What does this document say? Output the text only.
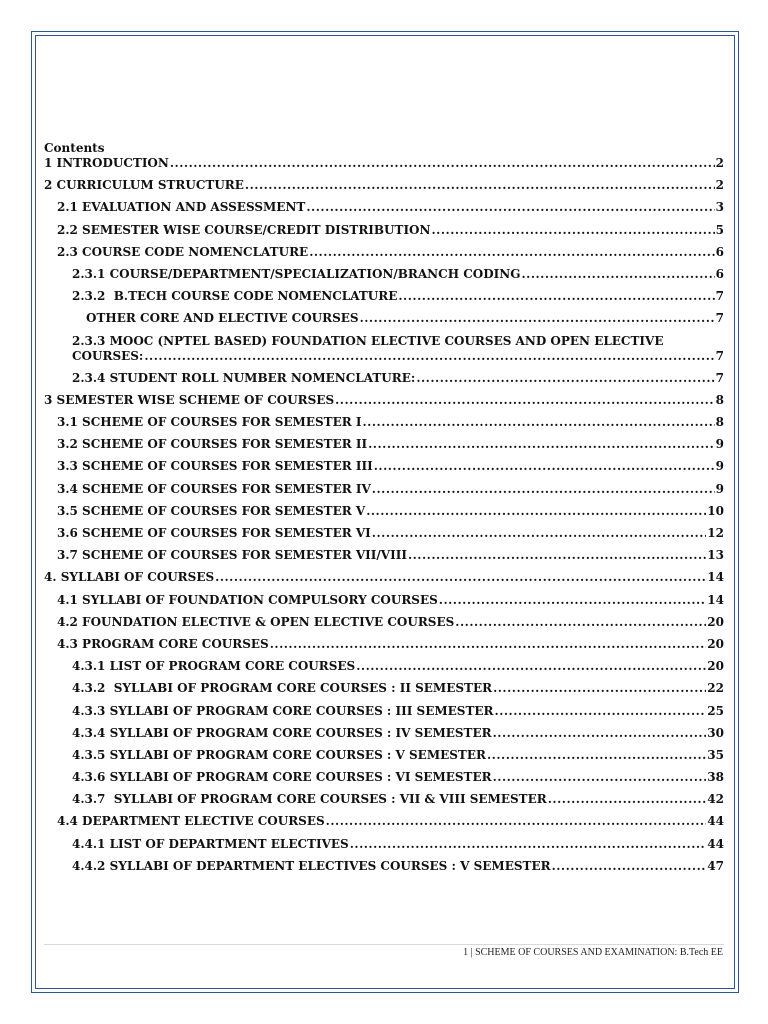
Contents

1 INTRODUCTION .....	2
2 CURRICULUM STRUCTURE .....	2
2.1 EVALUATION AND ASSESSMENT .....	3
2.2 SEMESTER WISE COURSE/CREDIT DISTRIBUTION .....	5
2.3 COURSE CODE NOMENCLATURE .....	6
2.3.1 COURSE/DEPARTMENT/SPECIALIZATION/BRANCH CODING .....	6
2.3.2  B.TECH COURSE CODE NOMENCLATURE .....	7
OTHER CORE AND ELECTIVE COURSES .....	7
2.3.3 MOOC (NPTEL BASED) FOUNDATION ELECTIVE COURSES AND OPEN ELECTIVE
COURSES: .....	7
2.3.4 STUDENT ROLL NUMBER NOMENCLATURE: .....	7
3 SEMESTER WISE SCHEME OF COURSES .....	8
3.1 SCHEME OF COURSES FOR SEMESTER I .....	8
3.2 SCHEME OF COURSES FOR SEMESTER II .....	9
3.3 SCHEME OF COURSES FOR SEMESTER III .....	9
3.4 SCHEME OF COURSES FOR SEMESTER IV .....	9
3.5 SCHEME OF COURSES FOR SEMESTER V .....	10
3.6 SCHEME OF COURSES FOR SEMESTER VI .....	12
3.7 SCHEME OF COURSES FOR SEMESTER VII/VIII .....	13
4. SYLLABI OF COURSES .....	14
4.1 SYLLABI OF FOUNDATION COMPULSORY COURSES .....	14
4.2 FOUNDATION ELECTIVE & OPEN ELECTIVE COURSES .....	20
4.3 PROGRAM CORE COURSES .....	20
4.3.1 LIST OF PROGRAM CORE COURSES .....	20
4.3.2  SYLLABI OF PROGRAM CORE COURSES : II SEMESTER .....	22
4.3.3 SYLLABI OF PROGRAM CORE COURSES : III SEMESTER .....	25
4.3.4 SYLLABI OF PROGRAM CORE COURSES : IV SEMESTER .....	30
4.3.5 SYLLABI OF PROGRAM CORE COURSES : V SEMESTER .....	35
4.3.6 SYLLABI OF PROGRAM CORE COURSES : VI SEMESTER .....	38
4.3.7  SYLLABI OF PROGRAM CORE COURSES : VII & VIII SEMESTER .....	42
4.4 DEPARTMENT ELECTIVE COURSES .....	44
4.4.1 LIST OF DEPARTMENT ELECTIVES .....	44
4.4.2 SYLLABI OF DEPARTMENT ELECTIVES COURSES : V SEMESTER .....	47
1 | SCHEME OF COURSES AND EXAMINATION: B.Tech EE
